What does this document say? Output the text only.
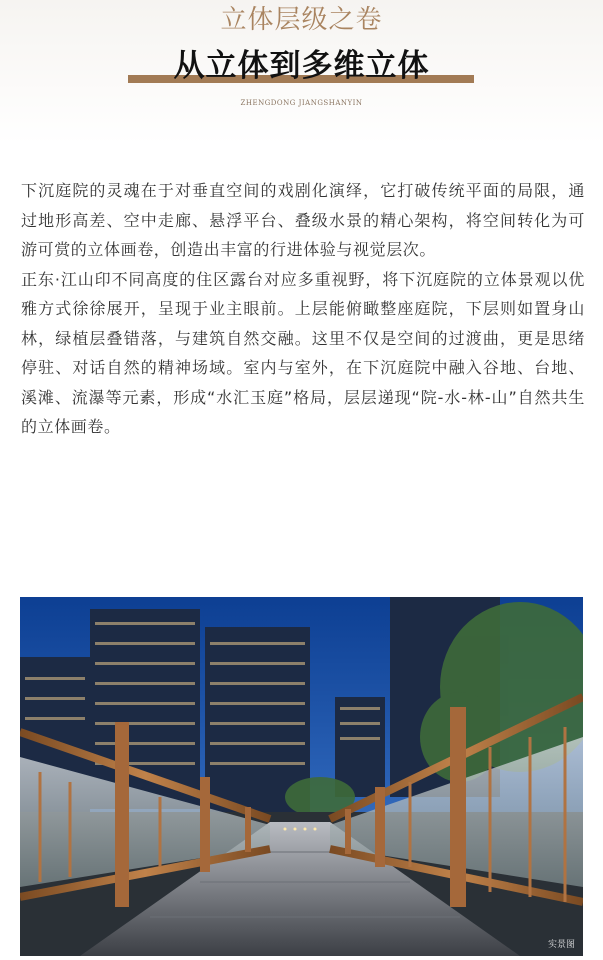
立体层级之卷
从立体到多维立体
ZHENGDONG JIANGSHANYIN

下沉庭院的灵魂在于对垂直空间的戏剧化演绎，它打破传统平面的局限，通过地形高差、空中走廊、悬浮平台、叠级水景的精心架构，将空间转化为可游可赏的立体画卷，创造出丰富的行进体验与视觉层次。

正东·江山印不同高度的住区露台对应多重视野，将下沉庭院的立体景观以优雅方式徐徐展开，呈现于业主眼前。上层能俯瞰整座庭院，下层则如置身山林，绿植层叠错落，与建筑自然交融。这里不仅是空间的过渡曲，更是思绪停驻、对话自然的精神场域。室内与室外，在下沉庭院中融入谷地、台地、溪滩、流瀑等元素，形成“水汇玉庭”格局，层层递现“院-水-林-山”自然共生的立体画卷。

实景图
